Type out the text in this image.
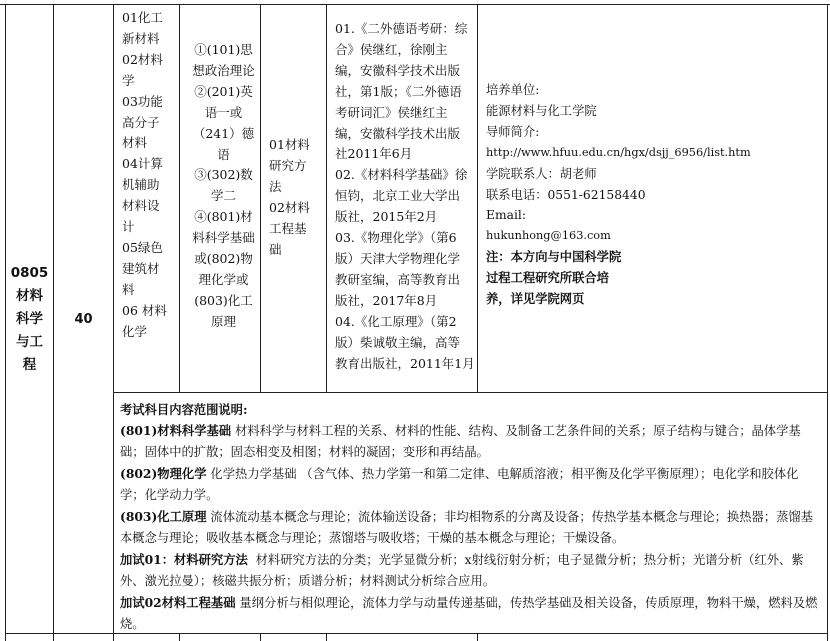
0805
材料
科学
与工
程
40
01化工
新材料
02材料
学
03功能
高分子
材料
04计算
机辅助
材料设
计
05绿色
建筑材
料
06 材料
化学
①(101)思
想政治理论
②(201)英
语一或
（241）德
语
③(302)数
学二
④(801)材
料科学基础
或(802)物
理化学或
(803)化工
原理
01材料
研究方
法
02材料
工程基
础
01.《二外德语考研：综
合》侯继红，徐刚主
编，安徽科学技术出版
社，第1版；《二外德语
考研词汇》侯继红主
编，安徽科学技术出版
社2011年6月
02.《材料科学基础》徐
恒钧，北京工业大学出
版社，2015年2月
03.《物理化学》（第6
版）天津大学物理化学
教研室编，高等教育出
版社，2017年8月
04.《化工原理》（第2
版）柴诚敬主编，高等
教育出版社，2011年1月
培养单位:
能源材料与化工学院
导师简介:
http://www.hfuu.edu.cn/hgx/dsjj_6956/list.htm
学院联系人：胡老师
联系电话：0551-62158440
Email:
hukunhong@163.com
注：本方向与中国科学院
过程工程研究所联合培
养，详见学院网页

考试科目内容范围说明:

(801)材料科学基础 材料科学与材料工程的关系、材料的性能、结构、及制备工艺条件间的关系；原子结构与键合；晶体学基础；固体中的扩散；固态相变及相图；材料的凝固；变形和再结晶。

(802)物理化学 化学热力学基础 （含气体、热力学第一和第二定律、电解质溶液；相平衡及化学平衡原理）；电化学和胶体化学；化学动力学。

(803)化工原理 流体流动基本概念与理论；流体输送设备；非均相物系的分离及设备；传热学基本概念与理论；换热器；蒸馏基本概念与理论；吸收基本概念与理论；蒸馏塔与吸收塔；干燥的基本概念与理论；干燥设备。

加试01：材料研究方法 材料研究方法的分类；光学显微分析；x射线衍射分析；电子显微分析；热分析；光谱分析（红外、紫外、激光拉曼）；核磁共振分析；质谱分析；材料测试分析综合应用。

加试02材料工程基础 量纲分析与相似理论，流体力学与动量传递基础，传热学基础及相关设备，传质原理，物料干燥，燃料及燃烧。
